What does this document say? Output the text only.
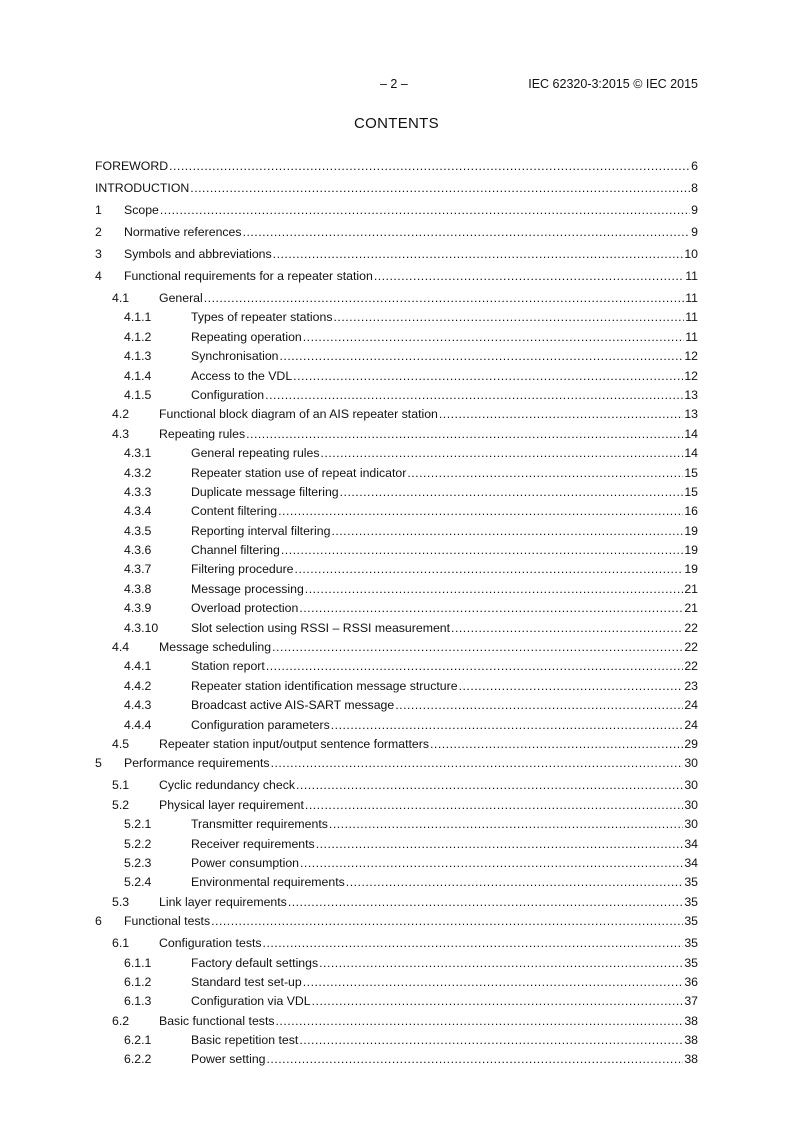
– 2 –	IEC 62320-3:2015 © IEC 2015
CONTENTS
FOREWORD .....	6
INTRODUCTION .....	8
1	Scope .....	9
2	Normative references .....	9
3	Symbols and abbreviations .....	10
4	Functional requirements for a repeater station .....	11
4.1	General .....	11
4.1.1	Types of repeater stations .....	11
4.1.2	Repeating operation .....	11
4.1.3	Synchronisation .....	12
4.1.4	Access to the VDL .....	12
4.1.5	Configuration .....	13
4.2	Functional block diagram of an AIS repeater station .....	13
4.3	Repeating rules .....	14
4.3.1	General repeating rules .....	14
4.3.2	Repeater station use of repeat indicator .....	15
4.3.3	Duplicate message filtering .....	15
4.3.4	Content filtering .....	16
4.3.5	Reporting interval filtering .....	19
4.3.6	Channel filtering .....	19
4.3.7	Filtering procedure .....	19
4.3.8	Message processing .....	21
4.3.9	Overload protection .....	21
4.3.10	Slot selection using RSSI – RSSI measurement .....	22
4.4	Message scheduling .....	22
4.4.1	Station report .....	22
4.4.2	Repeater station identification message structure .....	23
4.4.3	Broadcast active AIS-SART message .....	24
4.4.4	Configuration parameters .....	24
4.5	Repeater station input/output sentence formatters .....	29
5	Performance requirements .....	30
5.1	Cyclic redundancy check .....	30
5.2	Physical layer requirement .....	30
5.2.1	Transmitter requirements .....	30
5.2.2	Receiver requirements .....	34
5.2.3	Power consumption .....	34
5.2.4	Environmental requirements .....	35
5.3	Link layer requirements .....	35
6	Functional tests .....	35
6.1	Configuration tests .....	35
6.1.1	Factory default settings .....	35
6.1.2	Standard test set-up .....	36
6.1.3	Configuration via VDL .....	37
6.2	Basic functional tests .....	38
6.2.1	Basic repetition test .....	38
6.2.2	Power setting .....	38
